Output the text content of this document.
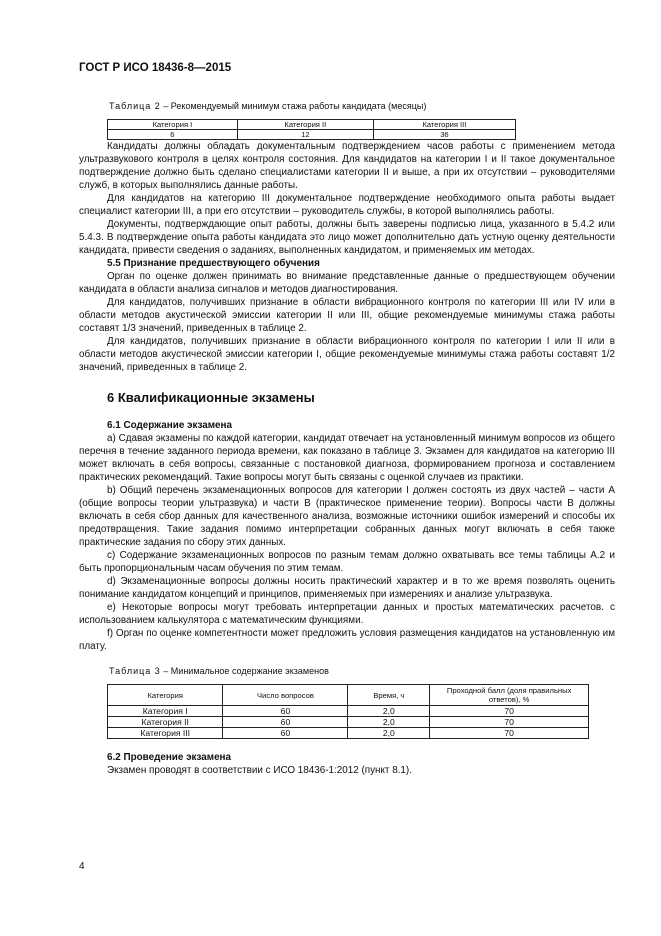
ГОСТ Р ИСО 18436-8—2015
Таблица 2 – Рекомендуемый минимум стажа работы кандидата (месяцы)
Категория I	Категория II	Категория III
6	12	36

Кандидаты должны обладать документальным подтверждением часов работы с применением метода ультразвукового контроля в целях контроля состояния. Для кандидатов на категории I и II такое документальное подтверждение должно быть сделано специалистами категории II и выше, а при их отсутствии – руководителями служб, в которых выполнялись данные работы.

Для кандидатов на категорию III документальное подтверждение необходимого опыта работы выдает специалист категории III, а при его отсутствии – руководитель службы, в которой выполнялись работы.

Документы, подтверждающие опыт работы, должны быть заверены подписью лица, указанного в 5.4.2 или 5.4.3. В подтверждение опыта работы кандидата это лицо может дополнительно дать устную оценку деятельности кандидата, привести сведения о заданиях, выполненных кандидатом, и применяемых им методах.

5.5 Признание предшествующего обучения

Орган по оценке должен принимать во внимание представленные данные о предшествующем обучении кандидата в области анализа сигналов и методов диагностирования.

Для кандидатов, получивших признание в области вибрационного контроля по категории III или IV или в области методов акустической эмиссии категории II или III, общие рекомендуемые минимумы стажа работы составят 1/3 значений, приведенных в таблице 2.

Для кандидатов, получивших признание в области вибрационного контроля по категории I или II или в области методов акустической эмиссии категории I, общие рекомендуемые минимумы стажа работы составят 1/2 значений, приведенных в таблице 2.

6 Квалификационные экзамены
6.1 Содержание экзамена

a) Сдавая экзамены по каждой категории, кандидат отвечает на установленный минимум вопросов из общего перечня в течение заданного периода времени, как показано в таблице 3. Экзамен для кандидатов на категорию III может включать в себя вопросы, связанные с постановкой диагноза, формированием прогноза и составлением практических рекомендаций. Такие вопросы могут быть связаны с оценкой случаев из практики.

b) Общий перечень экзаменационных вопросов для категории I должен состоять из двух частей – части A (общие вопросы теории ультразвука) и части B (практическое применение теории). Вопросы части B должны включать в себя сбор данных для качественного анализа, возможные источники ошибок измерений и способы их предотвращения. Такие задания помимо интерпретации собранных данных могут включать в себя также практические задания по сбору этих данных.

c) Содержание экзаменационных вопросов по разным темам должно охватывать все темы таблицы A.2 и быть пропорциональным часам обучения по этим темам.

d) Экзаменационные вопросы должны носить практический характер и в то же время позволять оценить понимание кандидатом концепций и принципов, применяемых при измерениях и анализе ультразвука.

e) Некоторые вопросы могут требовать интерпретации данных и простых математических расчетов. с использованием калькулятора с математическим функциями.

f) Орган по оценке компетентности может предложить условия размещения кандидатов на установленную им плату.

Таблица 3 – Минимальное содержание экзаменов
Категория	Число вопросов	Время, ч	Проходной балл (доля правильных ответов), %
Категория I	60	2,0	70
Категория II	60	2,0	70
Категория III	60	2,0	70
6.2 Проведение экзамена

Экзамен проводят в соответствии с ИСО 18436-1:2012 (пункт 8.1).

4
